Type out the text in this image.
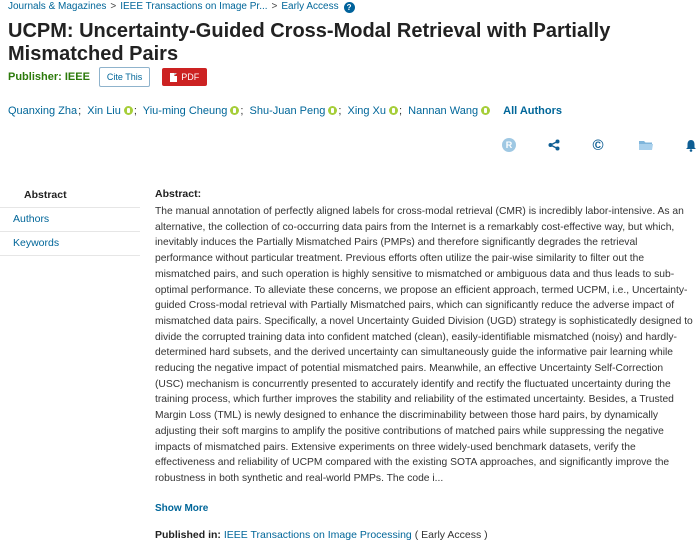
Journals & Magazines > IEEE Transactions on Image Pr... > Early Access ?
UCPM: Uncertainty-Guided Cross-Modal Retrieval with Partially Mismatched Pairs
Publisher: IEEE	Cite This	PDF
Quanxing Zha; Xin Liu ; Yiu-ming Cheung ; Shu-Juan Peng ; Xing Xu ; Nannan Wang All Authors
R	©
Abstract
Authors
Keywords
Abstract:

The manual annotation of perfectly aligned labels for cross-modal retrieval (CMR) is incredibly labor-intensive. As an alternative, the collection of co-occurring data pairs from the Internet is a remarkably cost-effective way, but which, inevitably induces the Partially Mismatched Pairs (PMPs) and therefore significantly degrades the retrieval performance without particular treatment. Previous efforts often utilize the pair-wise similarity to filter out the mismatched pairs, and such operation is highly sensitive to mismatched or ambiguous data and thus leads to sub-optimal performance. To alleviate these concerns, we propose an efficient approach, termed UCPM, i.e., Uncertainty-guided Cross-modal retrieval with Partially Mismatched pairs, which can significantly reduce the adverse impact of mismatched data pairs. Specifically, a novel Uncertainty Guided Division (UGD) strategy is sophisticatedly designed to divide the corrupted training data into confident matched (clean), easily-identifiable mismatched (noisy) and hardly-determined hard subsets, and the derived uncertainty can simultaneously guide the informative pair learning while reducing the negative impact of potential mismatched pairs. Meanwhile, an effective Uncertainty Self-Correction (USC) mechanism is concurrently presented to accurately identify and rectify the fluctuated uncertainty during the training process, which further improves the stability and reliability of the estimated uncertainty. Besides, a Trusted Margin Loss (TML) is newly designed to enhance the discriminability between those hard pairs, by dynamically adjusting their soft margins to amplify the positive contributions of matched pairs while suppressing the negative impacts of mismatched pairs. Extensive experiments on three widely-used benchmark datasets, verify the effectiveness and reliability of UCPM compared with the existing SOTA approaches, and significantly improve the robustness in both synthetic and real-world PMPs. The code i...

Show More
Published in: IEEE Transactions on Image Processing ( Early Access )
